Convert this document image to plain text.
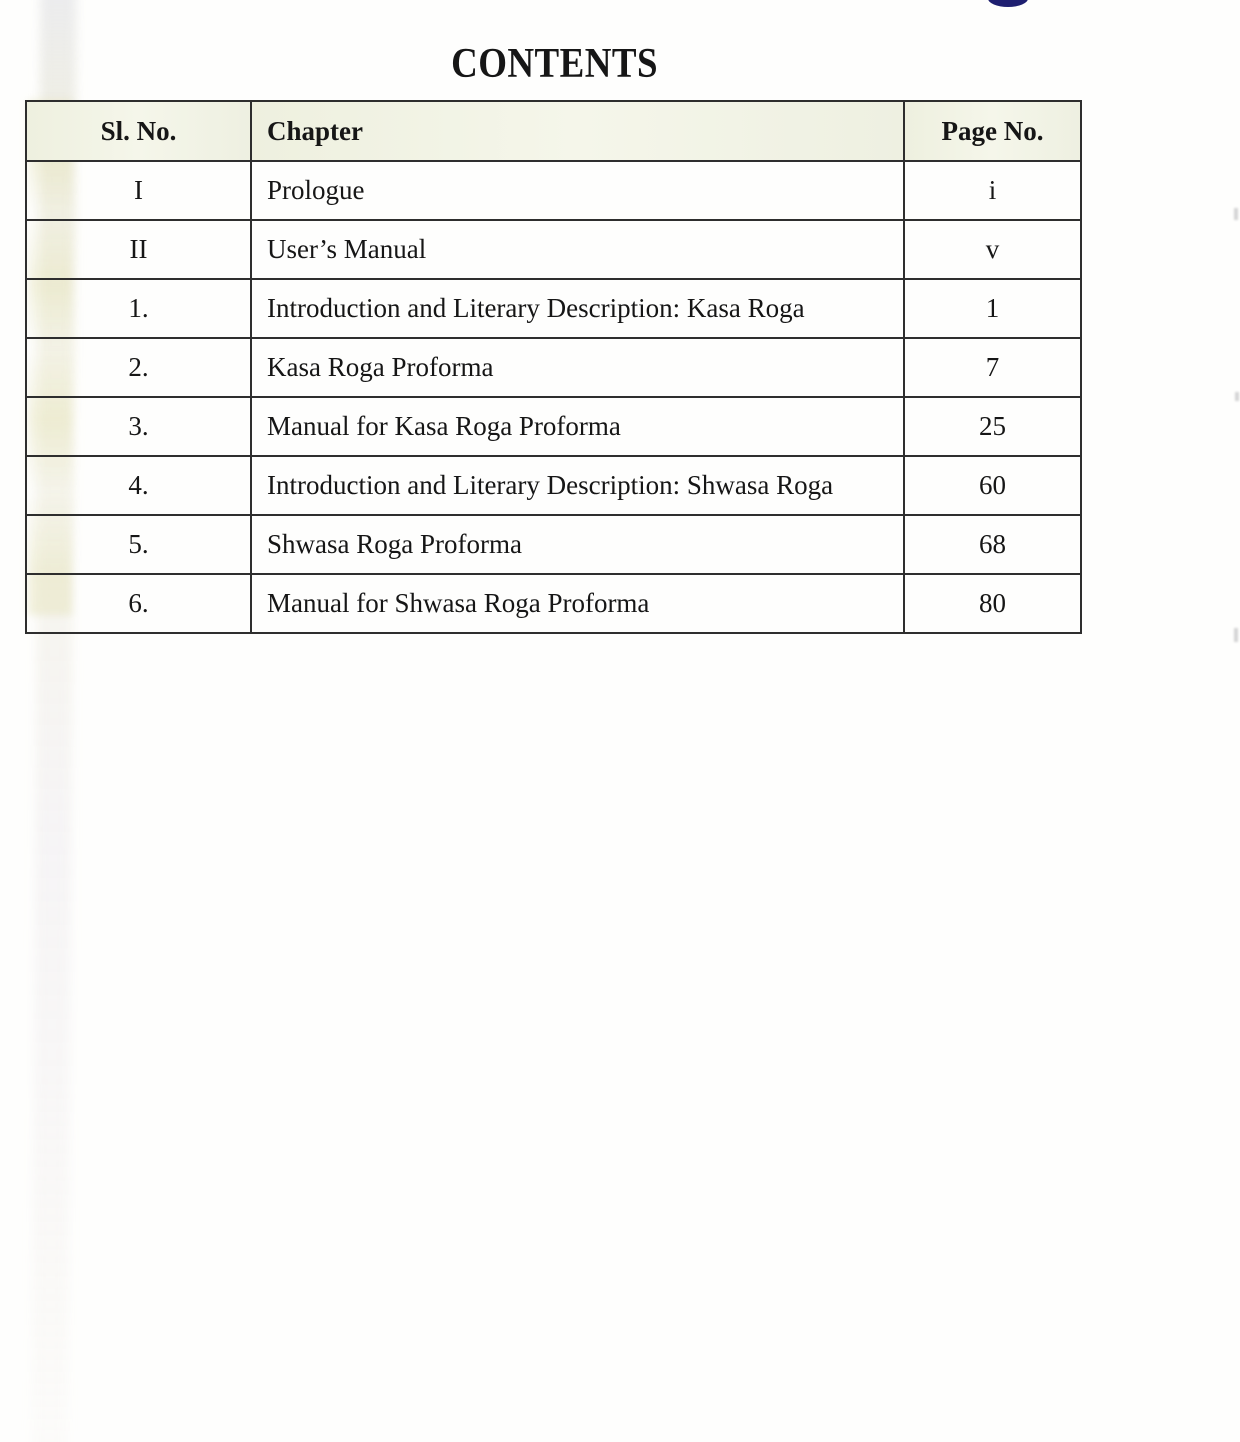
CONTENTS
Sl. No.	Chapter	Page No.
I	Prologue	i
II	User’s Manual	v
1.	Introduction and Literary Description: Kasa Roga	1
2.	Kasa Roga Proforma	7
3.	Manual for Kasa Roga Proforma	25
4.	Introduction and Literary Description: Shwasa Roga	60
5.	Shwasa Roga Proforma	68
6.	Manual for Shwasa Roga Proforma	80
